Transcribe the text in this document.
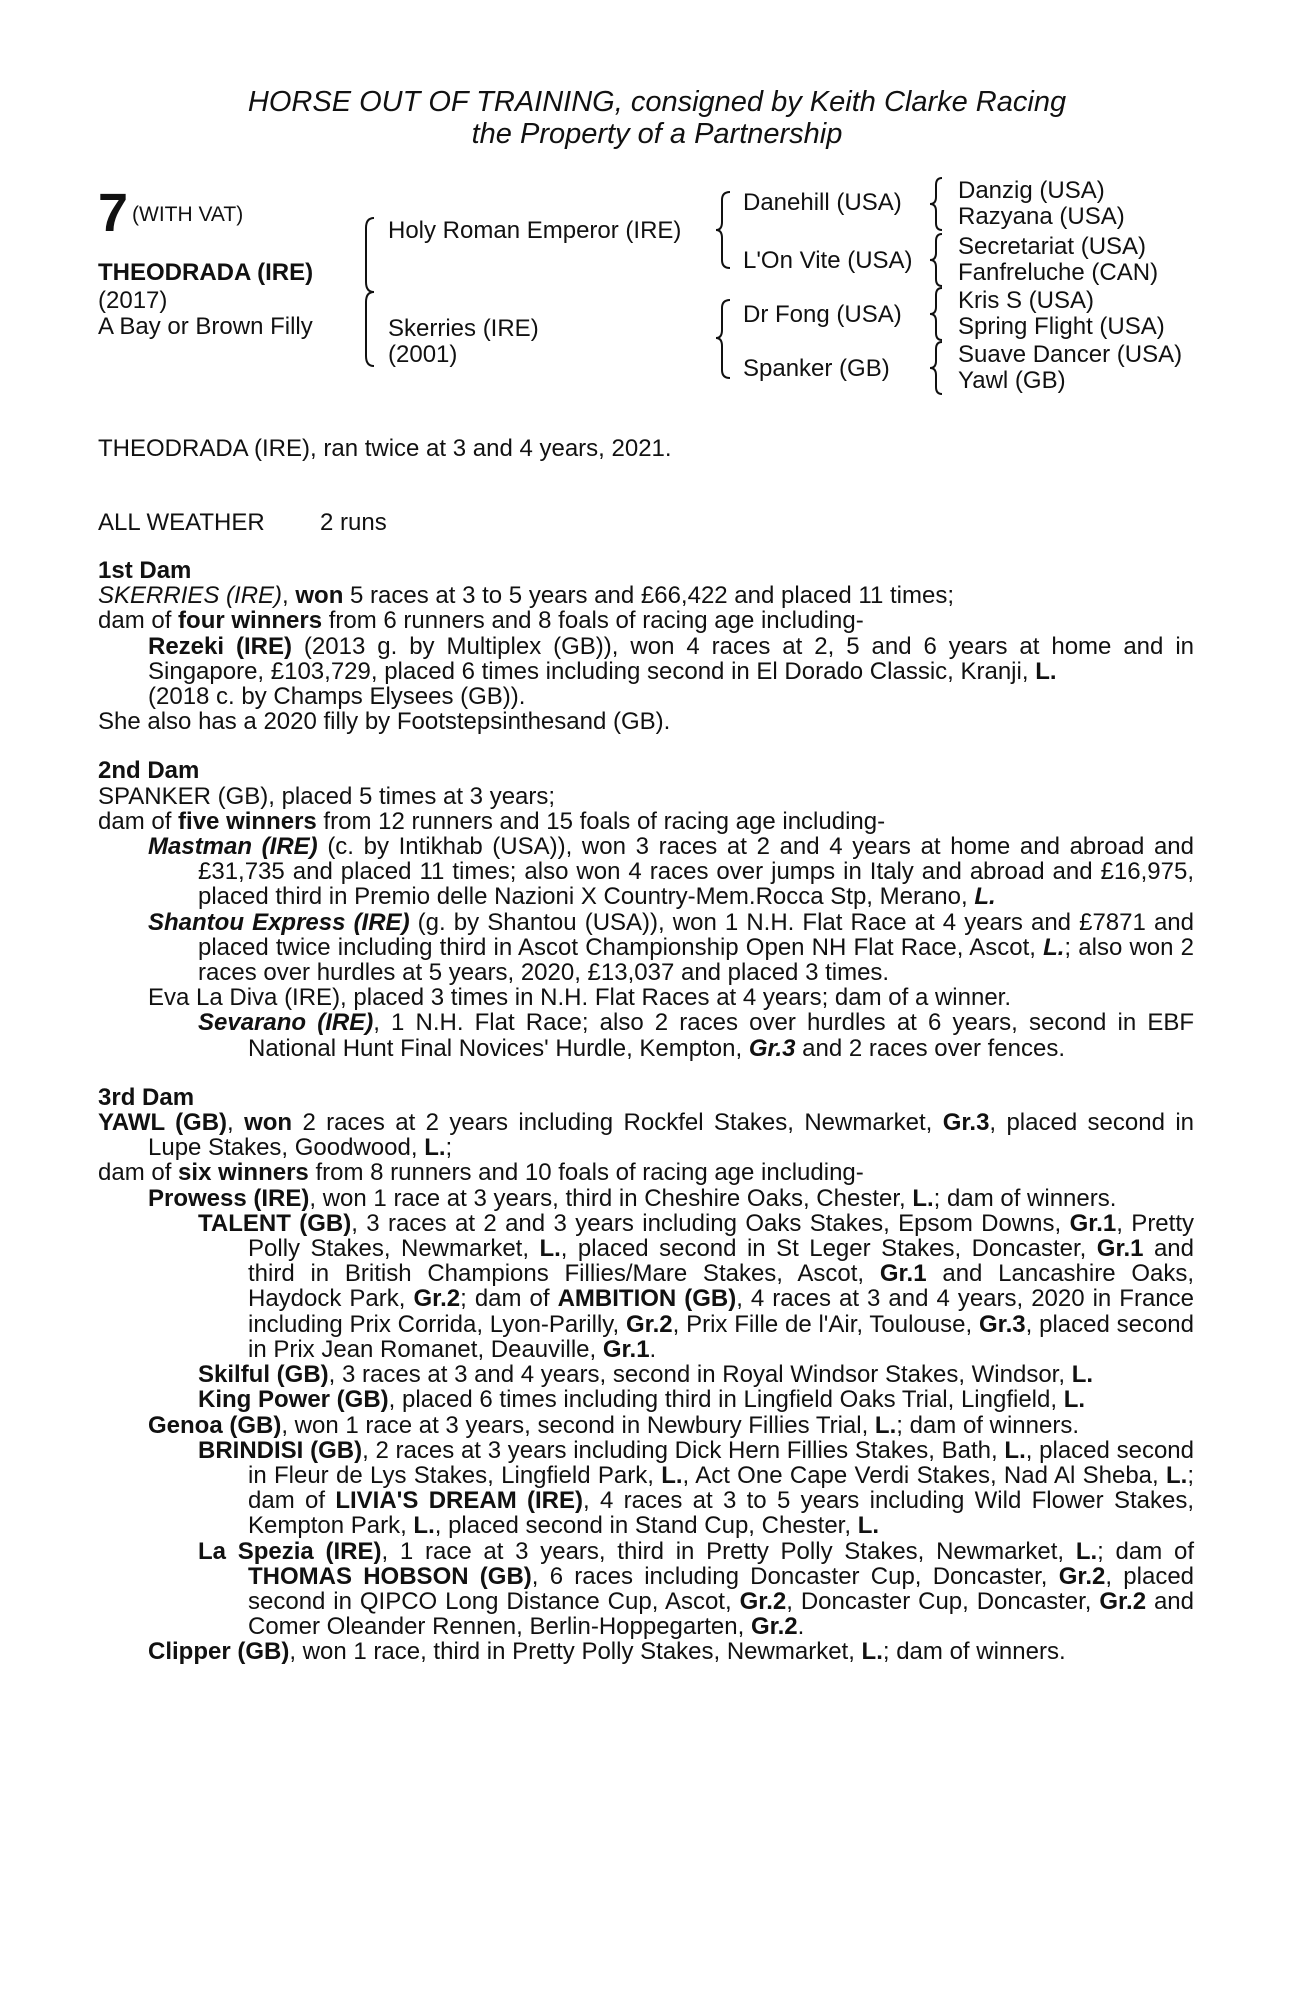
HORSE OUT OF TRAINING, consigned by Keith Clarke Racing
the Property of a Partnership
7 (WITH VAT)
THEODRADA (IRE)
(2017)
A Bay or Brown Filly
Holy Roman Emperor (IRE)
Skerries (IRE)
(2001)
Danehill (USA)
L'On Vite (USA)
Dr Fong (USA)
Spanker (GB)
Danzig (USA)
Razyana (USA)
Secretariat (USA)
Fanfreluche (CAN)
Kris S (USA)
Spring Flight (USA)
Suave Dancer (USA)
Yawl (GB)
THEODRADA (IRE), ran twice at 3 and 4 years, 2021.
ALL WEATHER 2 runs
1st Dam
SKERRIES (IRE), won 5 races at 3 to 5 years and £66,422 and placed 11 times;
dam of four winners from 6 runners and 8 foals of racing age including-
Rezeki (IRE) (2013 g. by Multiplex (GB)), won 4 races at 2, 5 and 6 years at home and in Singapore, £103,729, placed 6 times including second in El Dorado Classic, Kranji, L.
(2018 c. by Champs Elysees (GB)).
She also has a 2020 filly by Footstepsinthesand (GB).
2nd Dam
SPANKER (GB), placed 5 times at 3 years;
dam of five winners from 12 runners and 15 foals of racing age including-
Mastman (IRE) (c. by Intikhab (USA)), won 3 races at 2 and 4 years at home and abroad and £31,735 and placed 11 times; also won 4 races over jumps in Italy and abroad and £16,975, placed third in Premio delle Nazioni X Country-Mem.Rocca Stp, Merano, L.
Shantou Express (IRE) (g. by Shantou (USA)), won 1 N.H. Flat Race at 4 years and £7871 and placed twice including third in Ascot Championship Open NH Flat Race, Ascot, L.; also won 2 races over hurdles at 5 years, 2020, £13,037 and placed 3 times.
Eva La Diva (IRE), placed 3 times in N.H. Flat Races at 4 years; dam of a winner.
Sevarano (IRE), 1 N.H. Flat Race; also 2 races over hurdles at 6 years, second in EBF National Hunt Final Novices' Hurdle, Kempton, Gr.3 and 2 races over fences.
3rd Dam
YAWL (GB), won 2 races at 2 years including Rockfel Stakes, Newmarket, Gr.3, placed second in Lupe Stakes, Goodwood, L.;
dam of six winners from 8 runners and 10 foals of racing age including-
Prowess (IRE), won 1 race at 3 years, third in Cheshire Oaks, Chester, L.; dam of winners.
TALENT (GB), 3 races at 2 and 3 years including Oaks Stakes, Epsom Downs, Gr.1, Pretty Polly Stakes, Newmarket, L., placed second in St Leger Stakes, Doncaster, Gr.1 and third in British Champions Fillies/Mare Stakes, Ascot, Gr.1 and Lancashire Oaks, Haydock Park, Gr.2; dam of AMBITION (GB), 4 races at 3 and 4 years, 2020 in France including Prix Corrida, Lyon-Parilly, Gr.2, Prix Fille de l'Air, Toulouse, Gr.3, placed second in Prix Jean Romanet, Deauville, Gr.1.
Skilful (GB), 3 races at 3 and 4 years, second in Royal Windsor Stakes, Windsor, L.
King Power (GB), placed 6 times including third in Lingfield Oaks Trial, Lingfield, L.
Genoa (GB), won 1 race at 3 years, second in Newbury Fillies Trial, L.; dam of winners.
BRINDISI (GB), 2 races at 3 years including Dick Hern Fillies Stakes, Bath, L., placed second in Fleur de Lys Stakes, Lingfield Park, L., Act One Cape Verdi Stakes, Nad Al Sheba, L.; dam of LIVIA'S DREAM (IRE), 4 races at 3 to 5 years including Wild Flower Stakes, Kempton Park, L., placed second in Stand Cup, Chester, L.
La Spezia (IRE), 1 race at 3 years, third in Pretty Polly Stakes, Newmarket, L.; dam of THOMAS HOBSON (GB), 6 races including Doncaster Cup, Doncaster, Gr.2, placed second in QIPCO Long Distance Cup, Ascot, Gr.2, Doncaster Cup, Doncaster, Gr.2 and Comer Oleander Rennen, Berlin-Hoppegarten, Gr.2.
Clipper (GB), won 1 race, third in Pretty Polly Stakes, Newmarket, L.; dam of winners.
